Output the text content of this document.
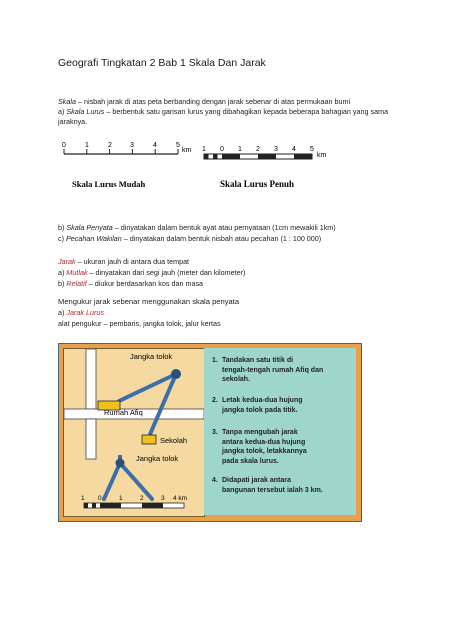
Geografi Tingkatan 2 Bab 1 Skala Dan Jarak
Skala – nisbah jarak di atas peta berbanding dengan jarak sebenar di atas permukaan bumi
a) Skala Lurus – berbentuk satu garisan lurus yang dibahagikan kepada beberapa bahagian yang sama
jaraknya.
0	1	2	3	4	5
km
Skala Lurus Mudah
1 0 1 2 3 4 5
km
Skala Lurus Penuh
b) Skala Penyata – dinyatakan dalam bentuk ayat atau pernyataan (1cm mewakili 1km)
c) Pecahan Wakilan – dinyatakan dalam bentuk nisbah atau pecahan (1 : 100 000)
Jarak – ukuran jauh di antara dua tempat
a) Mutlak – dinyatakan dari segi jauh (meter dan kilometer)
b) Relatif – diukur berdasarkan kos dan masa
Mengukur jarak sebenar menggunakan skala penyata
a) Jarak Lurus
alat pengukur – pembaris, jangka tolok, jalur kertas
Jangka tolok
Rumah Afiq
Sekolah
Jangka tolok
1 0	1	2	3 4 km
1. Tandakan satu titik di
tengah-tengah rumah Afiq dan
sekolah.
2. Letak kedua-dua hujung
jangka tolok pada titik.
3. Tanpa mengubah jarak
antara kedua-dua hujung
jangka tolok, letakkannya
pada skala lurus.
4. Didapati jarak antara
bangunan tersebut ialah 3 km.
